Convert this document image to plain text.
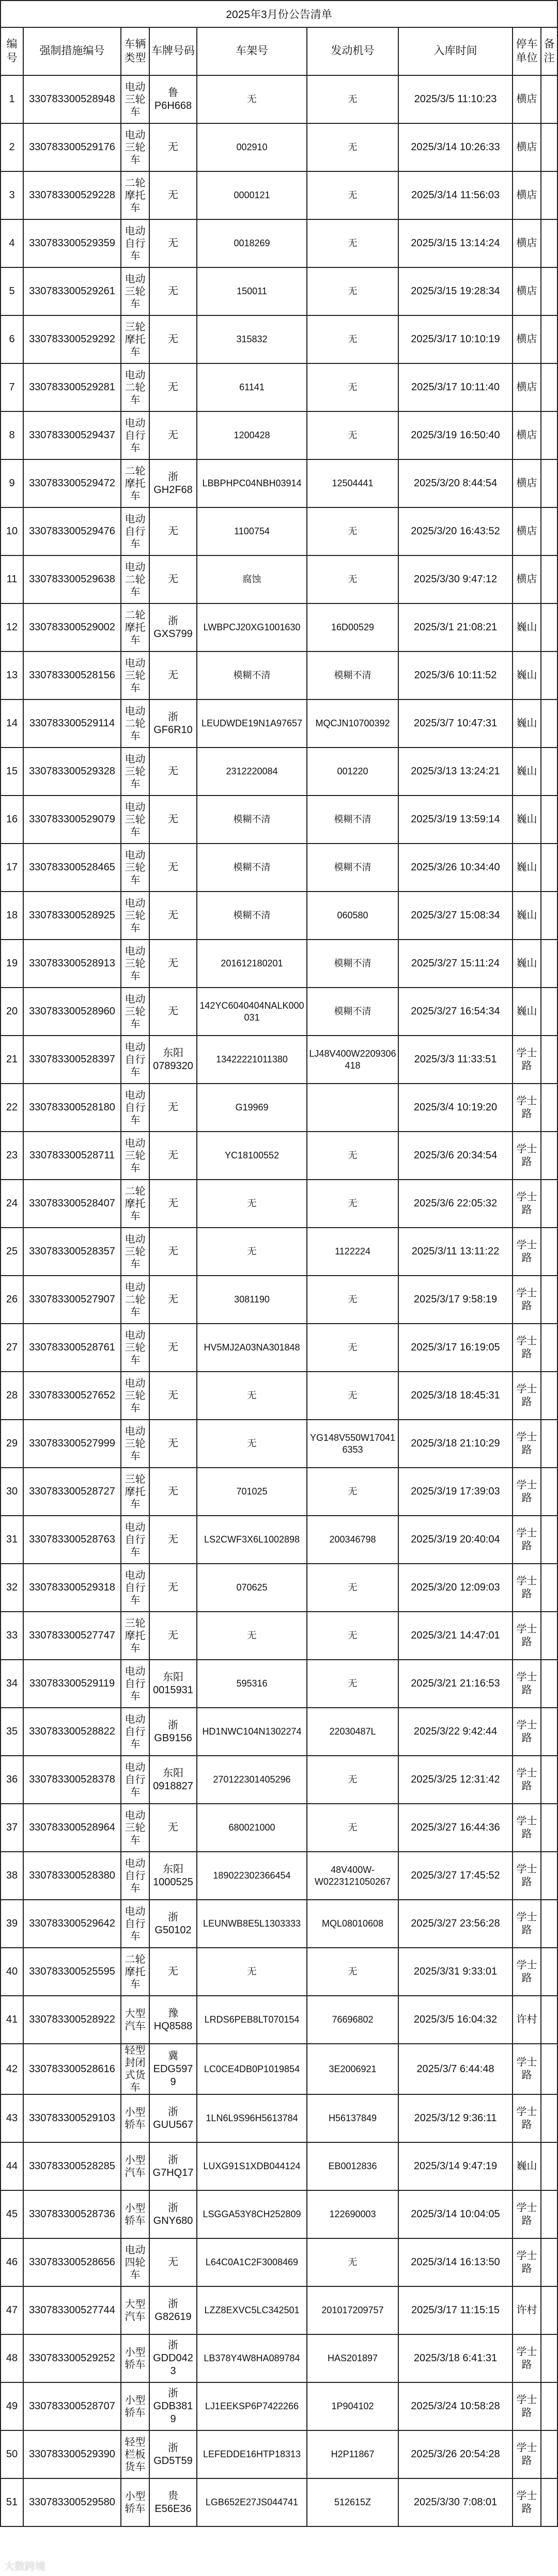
2025年3月份公告清单
编号	强制措施编号	车辆类型	车牌号码	车架号	发动机号	入库时间	停车单位	备注
1	330783300528948	电动三轮车	鲁P6H668	无	无	2025/3/5 11:10:23	横店	
2	330783300529176	电动三轮车	无	002910	无	2025/3/14 10:26:33	横店	
3	330783300529228	二轮摩托车	无	0000121	无	2025/3/14 11:56:03	横店	
4	330783300529359	电动自行车	无	0018269	无	2025/3/15 13:14:24	横店	
5	330783300529261	电动三轮车	无	150011	无	2025/3/15 19:28:34	横店	
6	330783300529292	三轮摩托车	无	315832	无	2025/3/17 10:10:19	横店	
7	330783300529281	电动二轮车	无	61141	无	2025/3/17 10:11:40	横店	
8	330783300529437	电动自行车	无	1200428	无	2025/3/19 16:50:40	横店	
9	330783300529472	二轮摩托车	浙GH2F68	LBBPHPC04NBH03914	12504441	2025/3/20 8:44:54	横店	
10	330783300529476	电动自行车	无	1100754	无	2025/3/20 16:43:52	横店	
11	330783300529638	电动二轮车	无	腐蚀	无	2025/3/30 9:47:12	横店	
12	330783300529002	二轮摩托车	浙GXS799	LWBPCJ20XG1001630	16D00529	2025/3/1 21:08:21	巍山	
13	330783300528156	电动三轮车	无	模糊不清	模糊不清	2025/3/6 10:11:52	巍山	
14	330783300529114	电动二轮车	浙GF6R10	LEUDWDE19N1A97657	MQCJN10700392	2025/3/7 10:47:31	巍山	
15	330783300529328	电动三轮车	无	2312220084	001220	2025/3/13 13:24:21	巍山	
16	330783300529079	电动三轮车	无	模糊不清	模糊不清	2025/3/19 13:59:14	巍山	
17	330783300528465	电动三轮车	无	模糊不清	模糊不清	2025/3/26 10:34:40	巍山	
18	330783300528925	电动三轮车	无	模糊不清	060580	2025/3/27 15:08:34	巍山	
19	330783300528913	电动三轮车	无	201612180201	模糊不清	2025/3/27 15:11:24	巍山	
20	330783300528960	电动三轮车	无	142YC6040404NALK000031	模糊不清	2025/3/27 16:54:34	巍山	
21	330783300528397	电动自行车	东阳0789320	13422221011380	LJ48V400W2209306418	2025/3/3 11:33:51	学士路	
22	330783300528180	电动自行车	无	G19969		2025/3/4 10:19:20	学士路	
23	330783300528711	电动三轮车	无	YC18100552	无	2025/3/6 20:34:54	学士路	
24	330783300528407	二轮摩托车	无	无	无	2025/3/6 22:05:32	学士路	
25	330783300528357	电动三轮车	无	无	1122224	2025/3/11 13:11:22	学士路	
26	330783300527907	电动二轮车	无	3081190	无	2025/3/17 9:58:19	学士路	
27	330783300528761	电动三轮车	无	HV5MJ2A03NA301848	无	2025/3/17 16:19:05	学士路	
28	330783300527652	电动三轮车	无	无	无	2025/3/18 18:45:31	学士路	
29	330783300527999	电动三轮车	无	无	YG148V550W170416353	2025/3/18 21:10:29	学士路	
30	330783300528727	三轮摩托车	无	701025	无	2025/3/19 17:39:03	学士路	
31	330783300528763	电动自行车	无	LS2CWF3X6L1002898	200346798	2025/3/19 20:40:04	学士路	
32	330783300529318	电动自行车	无	070625	无	2025/3/20 12:09:03	学士路	
33	330783300527747	三轮摩托车	无	无	无	2025/3/21 14:47:01	学士路	
34	330783300529119	电动自行车	东阳0015931	595316	无	2025/3/21 21:16:53	学士路	
35	330783300528822	电动自行车	浙GB9156	HD1NWC104N1302274	22030487L	2025/3/22 9:42:44	学士路	
36	330783300528378	电动自行车	东阳0918827	270122301405296	无	2025/3/25 12:31:42	学士路	
37	330783300528964	电动三轮车	无	680021000	无	2025/3/27 16:44:36	学士路	
38	330783300528380	电动自行车	东阳1000525	189022302366454	48V400W-W0223121050267	2025/3/27 17:45:52	学士路	
39	330783300529642	电动自行车	浙G50102	LEUNWB8E5L1303333	MQL08010608	2025/3/27 23:56:28	学士路	
40	330783300525595	二轮摩托车	无	无	无	2025/3/31 9:33:01	学士路	
41	330783300528922	大型汽车	豫HQ8588	LRDS6PEB8LT070154	76696802	2025/3/5 16:04:32	许村	
42	330783300528616	轻型封闭式货车	冀EDG5979	LC0CE4DB0P1019854	3E2006921	2025/3/7 6:44:48	学士路	
43	330783300529103	小型轿车	浙GUU567	1LN6L9S96H5613784	H56137849	2025/3/12 9:36:11	学士路	
44	330783300528285	小型汽车	浙G7HQ17	LUXG91S1XDB044124	EB0012836	2025/3/14 9:47:19	巍山	
45	330783300528736	小型轿车	浙GNY680	LSGGA53Y8CH252809	122690003	2025/3/14 10:04:05	学士路	
46	330783300528656	电动四轮车	无	L64C0A1C2F3008469	无	2025/3/14 16:13:50	学士路	
47	330783300527744	大型汽车	浙G82619	LZZ8EXVC5LC342501	201017209757	2025/3/17 11:15:15	许村	
48	330783300529252	小型轿车	浙GDD0423	LB378Y4W8HA089784	HAS201897	2025/3/18 6:41:31	学士路	
49	330783300528707	小型轿车	浙GDB3819	LJ1EEKSP6P7422266	1P904102	2025/3/24 10:58:28	学士路	
50	330783300529390	轻型栏板货车	浙GD5T59	LEFEDDE16HTP18313	H2P11867	2025/3/26 20:54:28	学士路	
51	330783300529580	小型轿车	贵E56E36	LGB652E27JS044741	512615Z	2025/3/30 7:08:01	学士路	
大数跨境
